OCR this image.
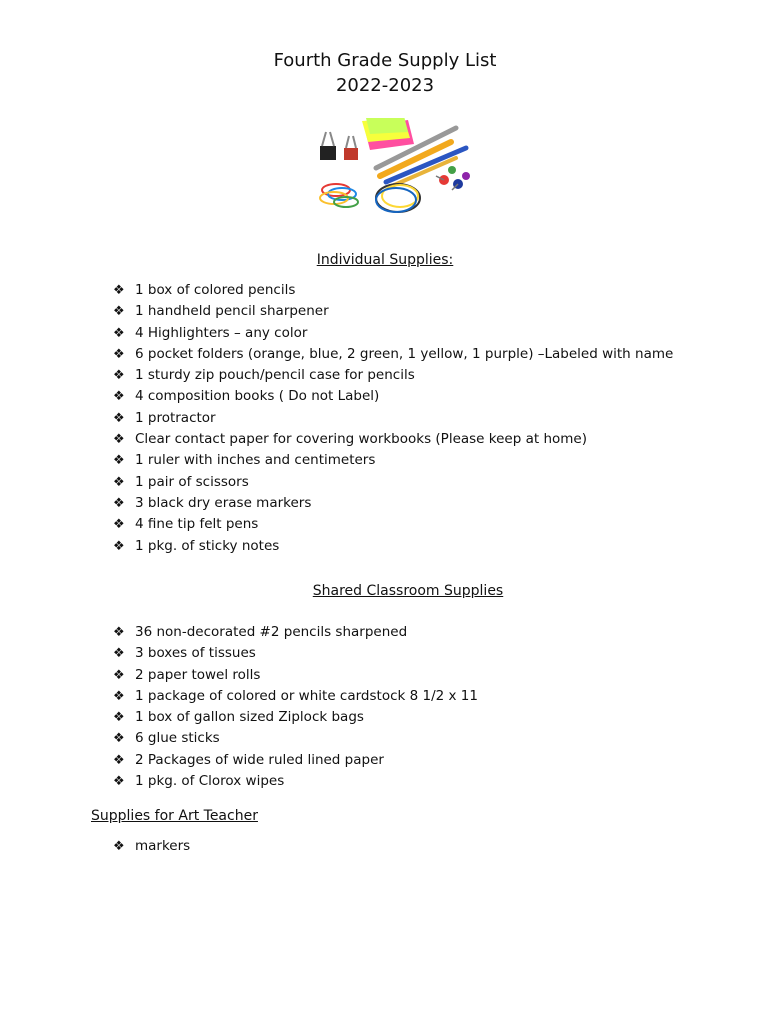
Fourth Grade Supply List
2022-2023
Individual Supplies:
❖ 1 box of colored pencils
❖ 1 handheld pencil sharpener
❖ 4 Highlighters – any color
❖ 6 pocket folders (orange, blue, 2 green, 1 yellow, 1 purple) –Labeled with name
❖ 1 sturdy zip pouch/pencil case for pencils
❖ 4 composition books ( Do not Label)
❖ 1 protractor
❖ Clear contact paper for covering workbooks (Please keep at home)
❖ 1 ruler with inches and centimeters
❖ 1 pair of scissors
❖ 3 black dry erase markers
❖ 4 fine tip felt pens
❖ 1 pkg. of sticky notes
Shared Classroom Supplies
❖ 36 non-decorated #2 pencils sharpened
❖ 3 boxes of tissues
❖ 2 paper towel rolls
❖ 1 package of colored or white cardstock 8 1/2 x 11
❖ 1 box of gallon sized Ziplock bags
❖ 6 glue sticks
❖ 2 Packages of wide ruled lined paper
❖ 1 pkg. of Clorox wipes
Supplies for Art Teacher
❖ markers
